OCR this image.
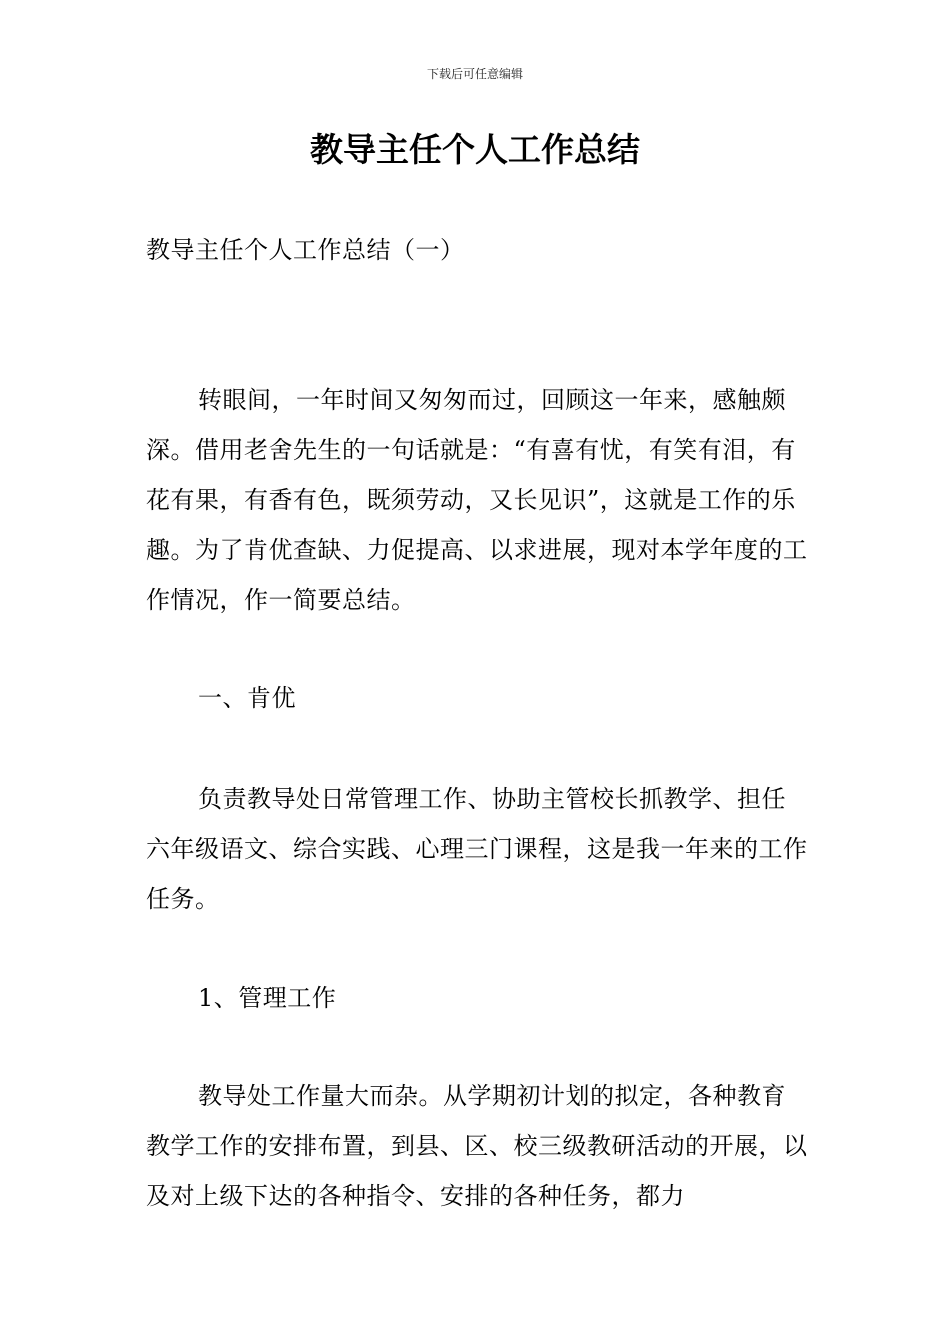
下载后可任意编辑
教导主任个人工作总结

教导主任个人工作总结（一）

转眼间，一年时间又匆匆而过，回顾这一年来，感触颇深。借用老舍先生的一句话就是：“有喜有忧，有笑有泪，有花有果，有香有色，既须劳动，又长见识”，这就是工作的乐趣。为了肯优查缺、力促提高、以求进展，现对本学年度的工作情况，作一简要总结。

一、肯优

负责教导处日常管理工作、协助主管校长抓教学、担任六年级语文、综合实践、心理三门课程，这是我一年来的工作任务。

1、管理工作

教导处工作量大而杂。从学期初计划的拟定，各种教育教学工作的安排布置，到县、区、校三级教研活动的开展，以及对上级下达的各种指令、安排的各种任务，都力
